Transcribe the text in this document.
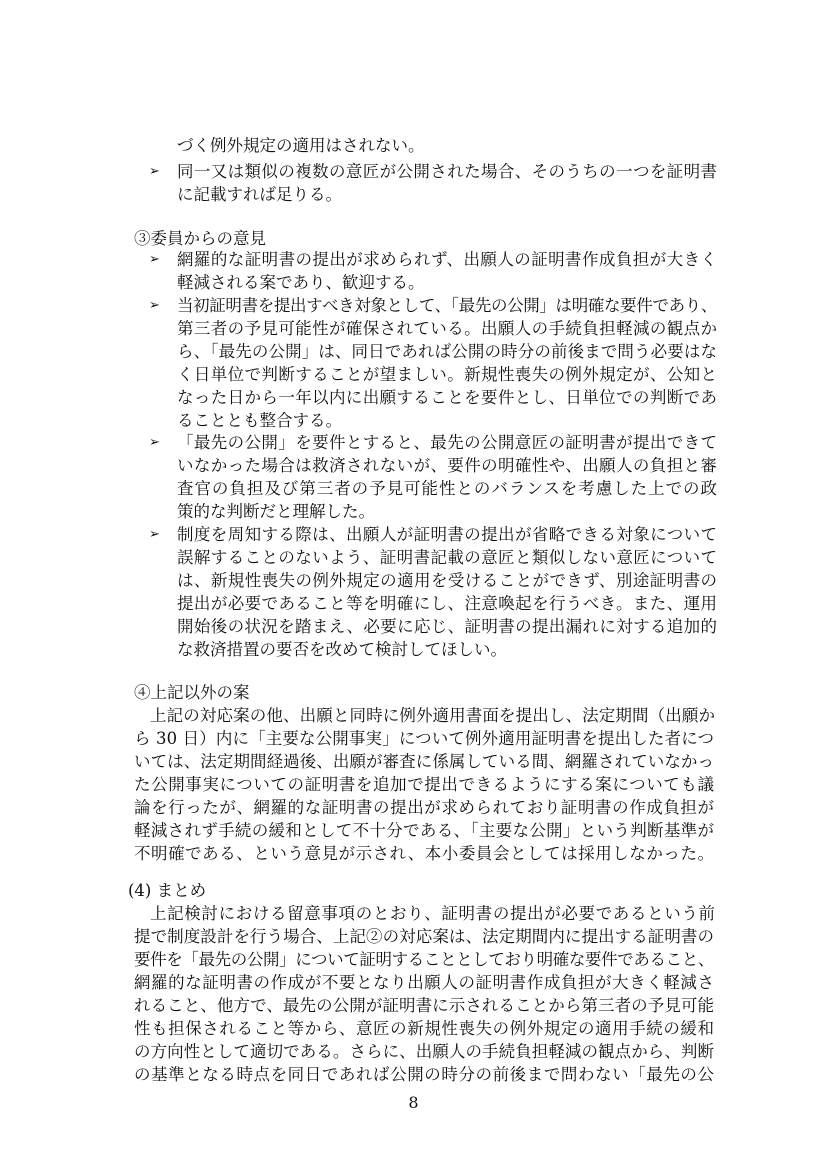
づく例外規定の適用はされない。
➢ 同一又は類似の複数の意匠が公開された場合、そのうちの一つを証明書
に記載すれば足りる。
③委員からの意見
➢ 網羅的な証明書の提出が求められず、出願人の証明書作成負担が大きく
軽減される案であり、歓迎する。
➢ 当初証明書を提出すべき対象として、「最先の公開」は明確な要件であり、
第三者の予見可能性が確保されている。出願人の手続負担軽減の観点か
ら、「最先の公開」は、同日であれば公開の時分の前後まで問う必要はな
く日単位で判断することが望ましい。新規性喪失の例外規定が、公知と
なった日から一年以内に出願することを要件とし、日単位での判断であ
ることとも整合する。
➢ 「最先の公開」を要件とすると、最先の公開意匠の証明書が提出できて
いなかった場合は救済されないが、要件の明確性や、出願人の負担と審
査官の負担及び第三者の予見可能性とのバランスを考慮した上での政
策的な判断だと理解した。
➢ 制度を周知する際は、出願人が証明書の提出が省略できる対象について
誤解することのないよう、証明書記載の意匠と類似しない意匠について
は、新規性喪失の例外規定の適用を受けることができず、別途証明書の
提出が必要であること等を明確にし、注意喚起を行うべき。また、運用
開始後の状況を踏まえ、必要に応じ、証明書の提出漏れに対する追加的
な救済措置の要否を改めて検討してほしい。
④上記以外の案
上記の対応案の他、出願と同時に例外適用書面を提出し、法定期間（出願か
ら 30 日）内に「主要な公開事実」について例外適用証明書を提出した者につ
いては、法定期間経過後、出願が審査に係属している間、網羅されていなかっ
た公開事実についての証明書を追加で提出できるようにする案についても議
論を行ったが、網羅的な証明書の提出が求められており証明書の作成負担が
軽減されず手続の緩和として不十分である、「主要な公開」という判断基準が
不明確である、という意見が示され、本小委員会としては採用しなかった。
(4) まとめ
上記検討における留意事項のとおり、証明書の提出が必要であるという前
提で制度設計を行う場合、上記②の対応案は、法定期間内に提出する証明書の
要件を「最先の公開」について証明することとしており明確な要件であること、
網羅的な証明書の作成が不要となり出願人の証明書作成負担が大きく軽減さ
れること、他方で、最先の公開が証明書に示されることから第三者の予見可能
性も担保されること等から、意匠の新規性喪失の例外規定の適用手続の緩和
の方向性として適切である。さらに、出願人の手続負担軽減の観点から、判断
の基準となる時点を同日であれば公開の時分の前後まで問わない「最先の公
8
